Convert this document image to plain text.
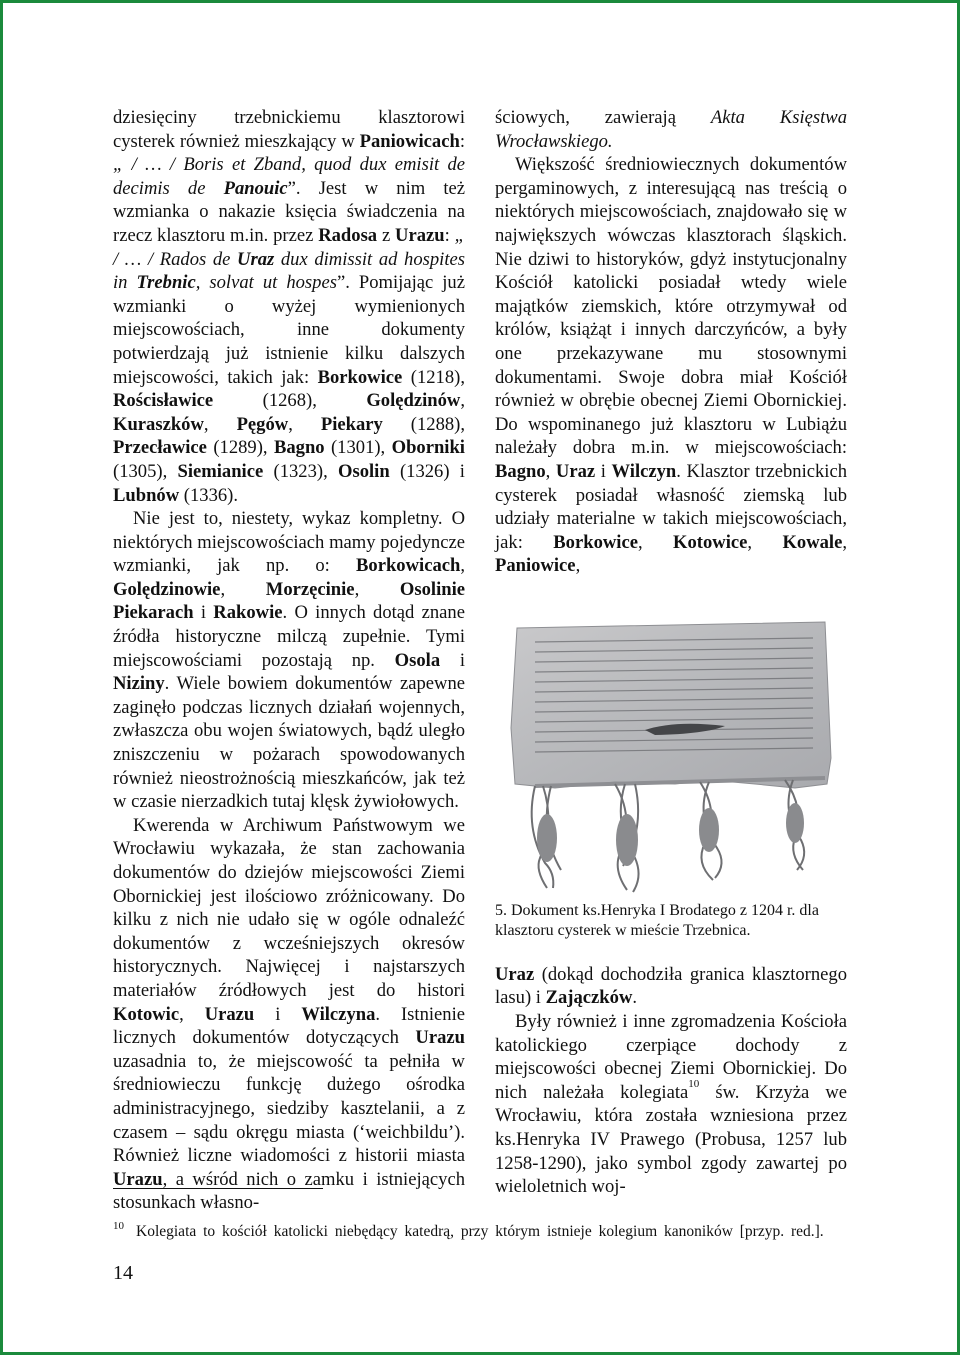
dziesięciny trzebnickiemu klasztorowi cysterek również mieszkający w Paniowicach: „ / … / Boris et Zband, quod dux emisit de decimis de Panouic”. Jest w nim też wzmianka o nakazie księcia świadczenia na rzecz klasztoru m.in. przez Radosa z Urazu: „ / … / Rados de Uraz dux dimissit ad hospites in Trebnic, solvat ut hospes”. Pomijając już wzmianki o wyżej wymienionych miejscowościach, inne dokumenty potwierdzają już istnienie kilku dalszych miejscowości, takich jak: Borkowice (1218), Rościsławice (1268), Golędzinów, Kuraszków, Pęgów, Piekary (1288), Przecławice (1289), Bagno (1301), Oborniki (1305), Siemianice (1323), Osolin (1326) i Lubnów (1336).

Nie jest to, niestety, wykaz kompletny. O niektórych miejscowościach mamy pojedyncze wzmianki, jak np. o: Borkowicach, Golędzinowie, Morzęcinie, Osolinie Piekarach i Rakowie. O innych dotąd znane źródła historyczne milczą zupełnie. Tymi miejscowościami pozostają np. Osola i Niziny. Wiele bowiem dokumentów zapewne zaginęło podczas licznych działań wojennych, zwłaszcza obu wojen światowych, bądź uległo zniszczeniu w pożarach spowodowanych również nieostrożnością mieszkańców, jak też w czasie nierzadkich tutaj klęsk żywiołowych.

Kwerenda w Archiwum Państwowym we Wrocławiu wykazała, że stan zachowania dokumentów do dziejów miejscowości Ziemi Obornickiej jest ilościowo zróżnicowany. Do kilku z nich nie udało się w ogóle odnaleźć dokumentów z wcześniejszych okresów historycznych. Najwięcej i najstarszych materiałów źródłowych jest do histori Kotowic, Urazu i Wilczyna. Istnienie licznych dokumentów dotyczących Urazu uzasadnia to, że miejscowość ta pełniła w średniowieczu funkcję dużego ośrodka administracyjnego, siedziby kasztelanii, a z czasem – sądu okręgu miasta (‘weichbildu’). Również liczne wiadomości z historii miasta Urazu, a wśród nich o zamku i istniejących stosunkach własno-

ściowych, zawierają Akta Księstwa Wrocławskiego.

Większość średniowiecznych dokumentów pergaminowych, z interesującą nas treścią o niektórych miejscowościach, znajdowało się w największych wówczas klasztorach śląskich. Nie dziwi to historyków, gdyż instytucjonalny Kościół katolicki posiadał wtedy wiele majątków ziemskich, które otrzymywał od królów, książąt i innych darczyńców, a były one przekazywane mu stosownymi dokumentami. Swoje dobra miał Kościół również w obrębie obecnej Ziemi Obornickiej. Do wspominanego już klasztoru w Lubiążu należały dobra m.in. w miejscowościach: Bagno, Uraz i Wilczyn. Klasztor trzebnickich cysterek posiadał własność ziemską lub udziały materialne w takich miejscowościach, jak: Borkowice, Kotowice, Kowale, Paniowice,

5. Dokument ks.Henryka I Brodatego z 1204 r. dla klasztoru cysterek w mieście Trzebnica.

Uraz (dokąd dochodziła granica klasztornego lasu) i Zajączków.

Były również i inne zgromadzenia Kościoła katolickiego czerpiące dochody z miejscowości obecnej Ziemi Obornickiej. Do nich należała kolegiata$^{10}$ św. Krzyża we Wrocławiu, która została wzniesiona przez ks.Henryka IV Prawego (Probusa, 1257 lub 1258-1290), jako symbol zgody zawartej po wieloletnich woj-

10 Kolegiata to kościół katolicki niebędący katedrą, przy którym istnieje kolegium kanoników [przyp. red.].
14
